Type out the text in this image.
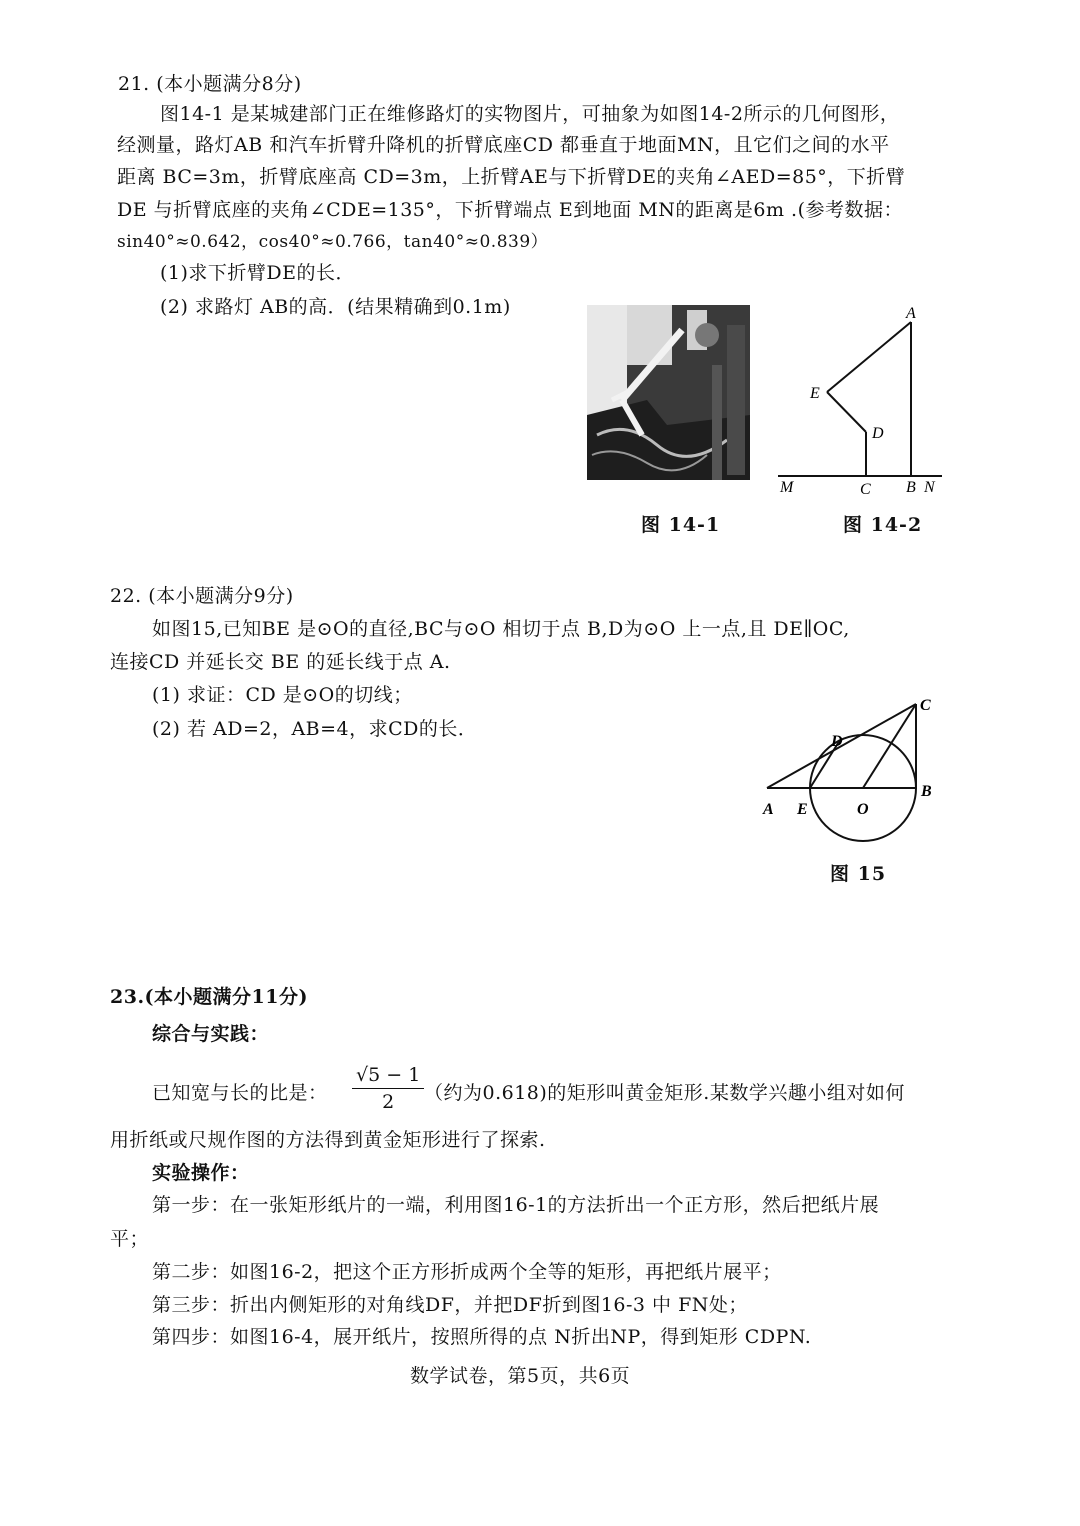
21. (本小题满分8分)
图14-1 是某城建部门正在维修路灯的实物图片，可抽象为如图14-2所示的几何图形，
经测量，路灯AB 和汽车折臂升降机的折臂底座CD 都垂直于地面MN，且它们之间的水平
距离 BC=3m，折臂底座高 CD=3m，上折臂AE与下折臂DE的夹角∠AED=85°，下折臂
DE 与折臂底座的夹角∠CDE=135°，下折臂端点 E到地面 MN的距离是6m .(参考数据：
sin40°≈0.642，cos40°≈0.766，tan40°≈0.839）
(1)求下折臂DE的长．
(2) 求路灯 AB的高．(结果精确到0.1m)
图 14-1
A
E
D
M	C B N
图 14-2
22. (本小题满分9分)
如图15,已知BE 是⊙O的直径,BC与⊙O 相切于点 B,D为⊙O 上一点,且 DE∥OC,
连接CD 并延长交 BE 的延长线于点 A.
(1) 求证：CD 是⊙O的切线；
(2) 若 AD=2，AB=4，求CD的长．
C
D
A E	O
B
图 15
23.(本小题满分11分)
综合与实践：
已知宽与长的比是： $\frac{√5 - 1}{2}$ （约为0.618)的矩形叫黄金矩形.某数学兴趣小组对如何
用折纸或尺规作图的方法得到黄金矩形进行了探索.
实验操作：
第一步：在一张矩形纸片的一端，利用图16-1的方法折出一个正方形，然后把纸片展
平；
第二步：如图16-2，把这个正方形折成两个全等的矩形，再把纸片展平；
第三步：折出内侧矩形的对角线DF，并把DF折到图16-3 中 FN处；
第四步：如图16-4，展开纸片，按照所得的点 N折出NP，得到矩形 CDPN.
数学试卷，第5页，共6页
